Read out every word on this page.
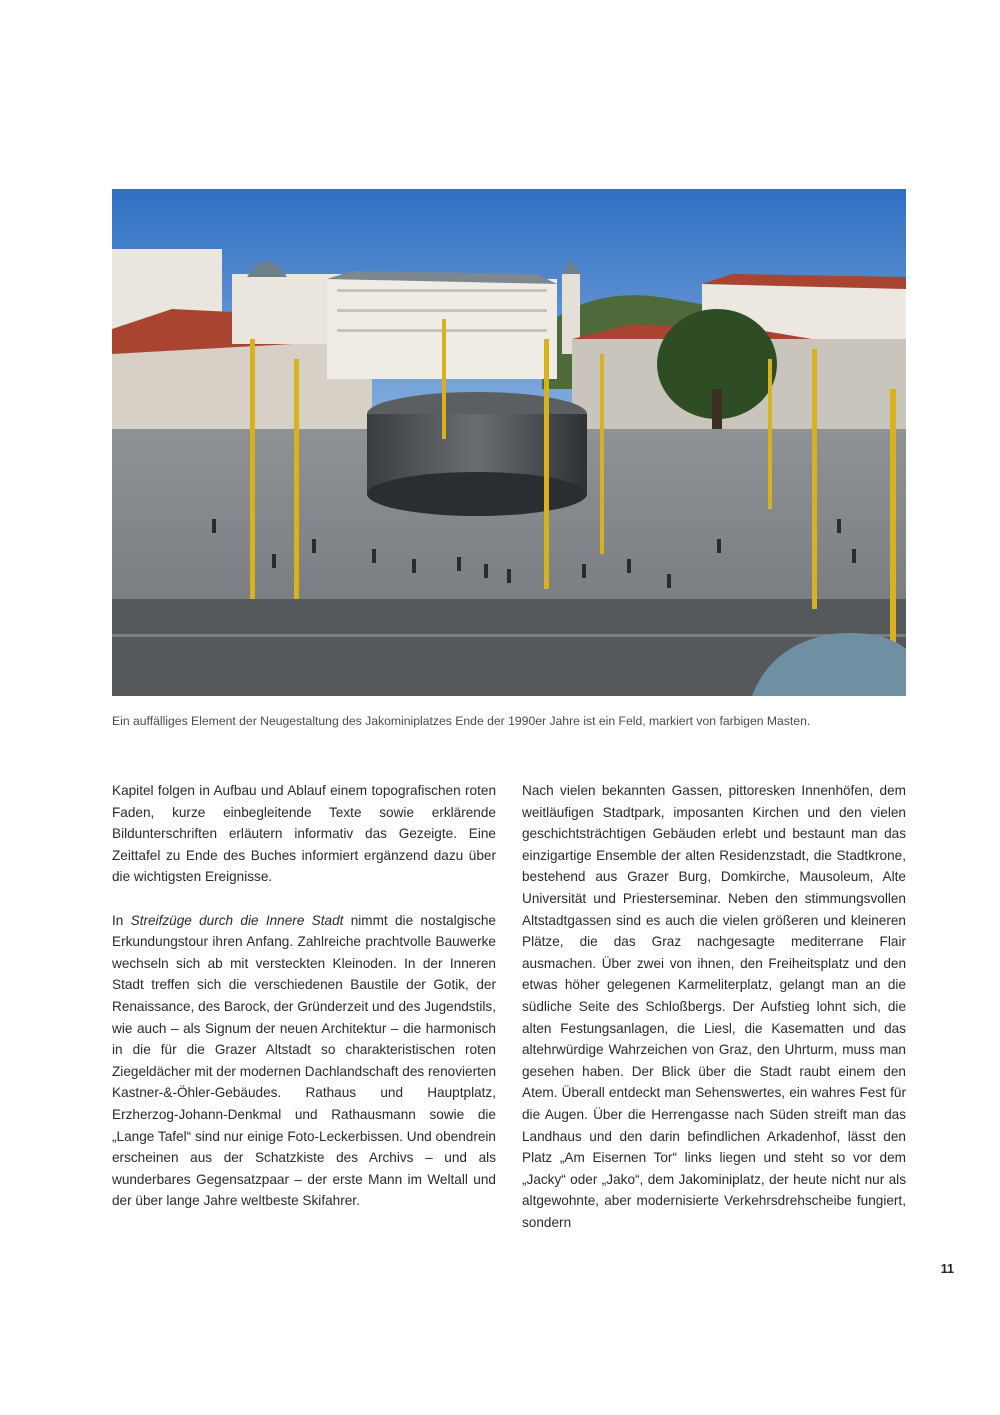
Ein auffälliges Element der Neugestaltung des Jakominiplatzes Ende der 1990er Jahre ist ein Feld, markiert von farbigen Masten.

Kapitel folgen in Aufbau und Ablauf einem topografischen roten Faden, kurze einbegleitende Texte sowie erklärende Bildunterschriften erläutern informativ das Gezeigte. Eine Zeittafel zu Ende des Buches informiert ergänzend dazu über die wichtigsten Ereignisse.

In Streifzüge durch die Innere Stadt nimmt die nostalgische Erkundungstour ihren Anfang. Zahlreiche prachtvolle Bauwerke wechseln sich ab mit versteckten Kleinoden. In der Inneren Stadt treffen sich die verschiedenen Baustile der Gotik, der Renaissance, des Barock, der Gründerzeit und des Jugendstils, wie auch – als Signum der neuen Architektur – die harmonisch in die für die Grazer Altstadt so charakteristischen roten Ziegeldächer mit der modernen Dachlandschaft des renovierten Kastner-&-Öhler-Gebäudes. Rathaus und Hauptplatz, Erzherzog-Johann-Denkmal und Rathausmann sowie die „Lange Tafel“ sind nur einige Foto-Leckerbissen. Und obendrein erscheinen aus der Schatzkiste des Archivs – und als wunderbares Gegensatzpaar – der erste Mann im Weltall und der über lange Jahre weltbeste Skifahrer.

Nach vielen bekannten Gassen, pittoresken Innenhöfen, dem weitläufigen Stadtpark, imposanten Kirchen und den vielen geschichtsträchtigen Gebäuden erlebt und bestaunt man das einzigartige Ensemble der alten Residenzstadt, die Stadtkrone, bestehend aus Grazer Burg, Domkirche, Mausoleum, Alte Universität und Priesterseminar. Neben den stimmungsvollen Altstadtgassen sind es auch die vielen größeren und kleineren Plätze, die das Graz nachgesagte mediterrane Flair ausmachen. Über zwei von ihnen, den Freiheitsplatz und den etwas höher gelegenen Karmeliterplatz, gelangt man an die südliche Seite des Schloßbergs. Der Aufstieg lohnt sich, die alten Festungsanlagen, die Liesl, die Kasematten und das altehrwürdige Wahrzeichen von Graz, den Uhrturm, muss man gesehen haben. Der Blick über die Stadt raubt einem den Atem. Überall entdeckt man Sehenswertes, ein wahres Fest für die Augen. Über die Herrengasse nach Süden streift man das Landhaus und den darin befindlichen Arkadenhof, lässt den Platz „Am Eisernen Tor“ links liegen und steht so vor dem „Jacky“ oder „Jako“, dem Jakominiplatz, der heute nicht nur als altgewohnte, aber modernisierte Verkehrsdrehscheibe fungiert, sondern

11
